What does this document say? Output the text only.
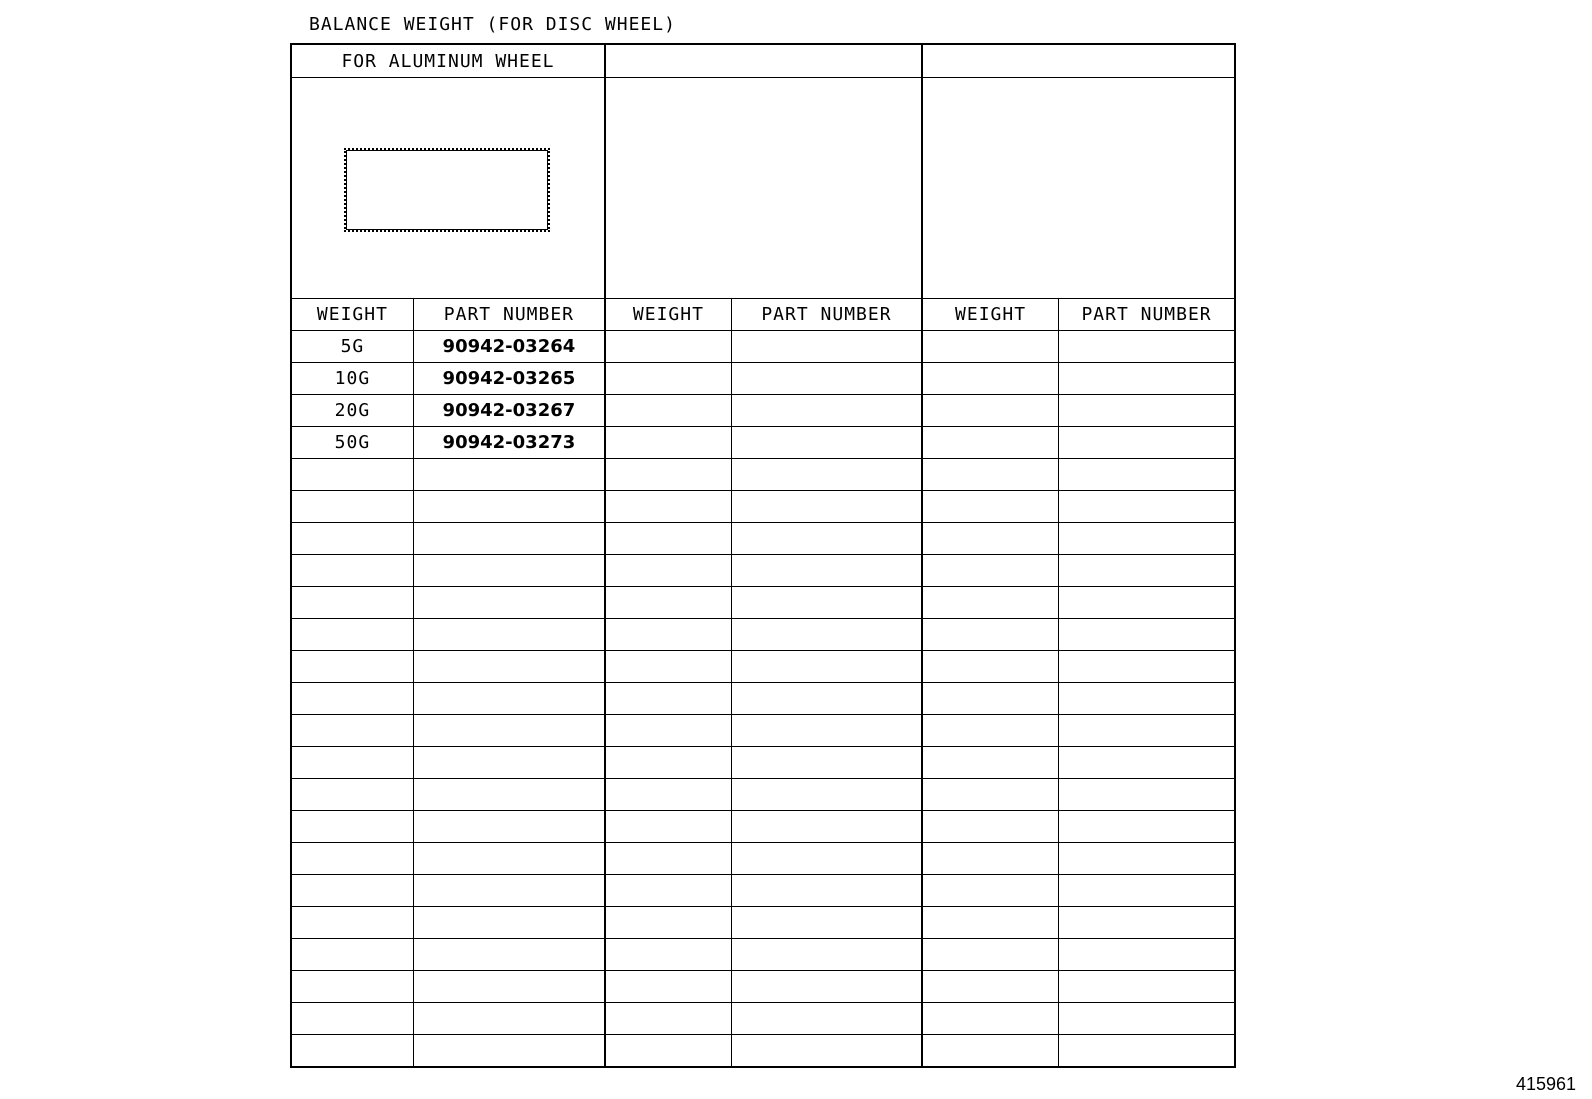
BALANCE WEIGHT (FOR DISC WHEEL)
FOR ALUMINUM WHEEL					

WEIGHT	PART NUMBER	WEIGHT	PART NUMBER	WEIGHT	PART NUMBER
5G	90942-03264				
10G	90942-03265				
20G	90942-03267				
50G	90942-03273				

415961
